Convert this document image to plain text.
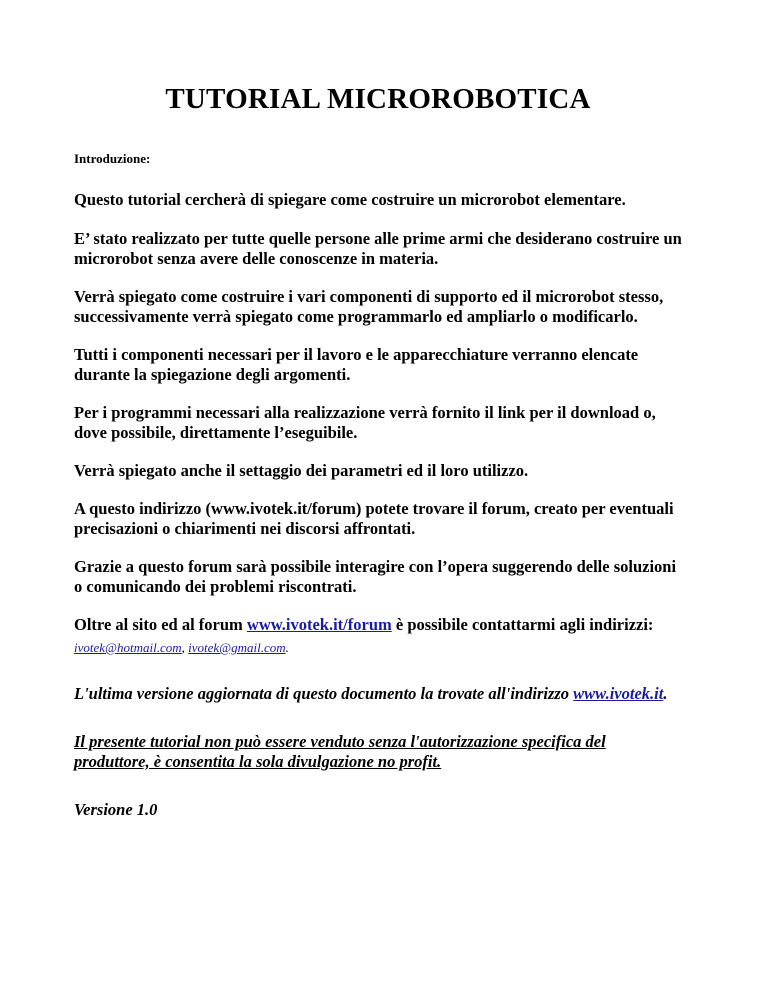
TUTORIAL MICROROBOTICA

Introduzione:

Questo tutorial cercherà di spiegare come costruire un microrobot elementare.

E’ stato realizzato per tutte quelle persone alle prime armi che desiderano costruire un microrobot senza avere delle conoscenze in materia.

Verrà spiegato come costruire i vari componenti di supporto ed il microrobot stesso, successivamente verrà spiegato come programmarlo ed ampliarlo o modificarlo.

Tutti i componenti necessari per il lavoro e le apparecchiature verranno elencate durante la spiegazione degli argomenti.

Per i programmi necessari alla realizzazione verrà fornito il link per il download o, dove possibile, direttamente l’eseguibile.

Verrà spiegato anche il settaggio dei parametri ed il loro utilizzo.

A questo indirizzo (www.ivotek.it/forum) potete trovare il forum, creato per eventuali precisazioni o chiarimenti nei discorsi affrontati.

Grazie a questo forum sarà possibile interagire con l’opera suggerendo delle soluzioni o comunicando dei problemi riscontrati.

Oltre al sito ed al forum www.ivotek.it/forum è possibile contattarmi agli indirizzi:

ivotek@hotmail.com, ivotek@gmail.com.

L'ultima versione aggiornata di questo documento la trovate all'indirizzo www.ivotek.it.

Il presente tutorial non può essere venduto senza l'autorizzazione specifica del produttore, è consentita la sola divulgazione no profit.

Versione 1.0
